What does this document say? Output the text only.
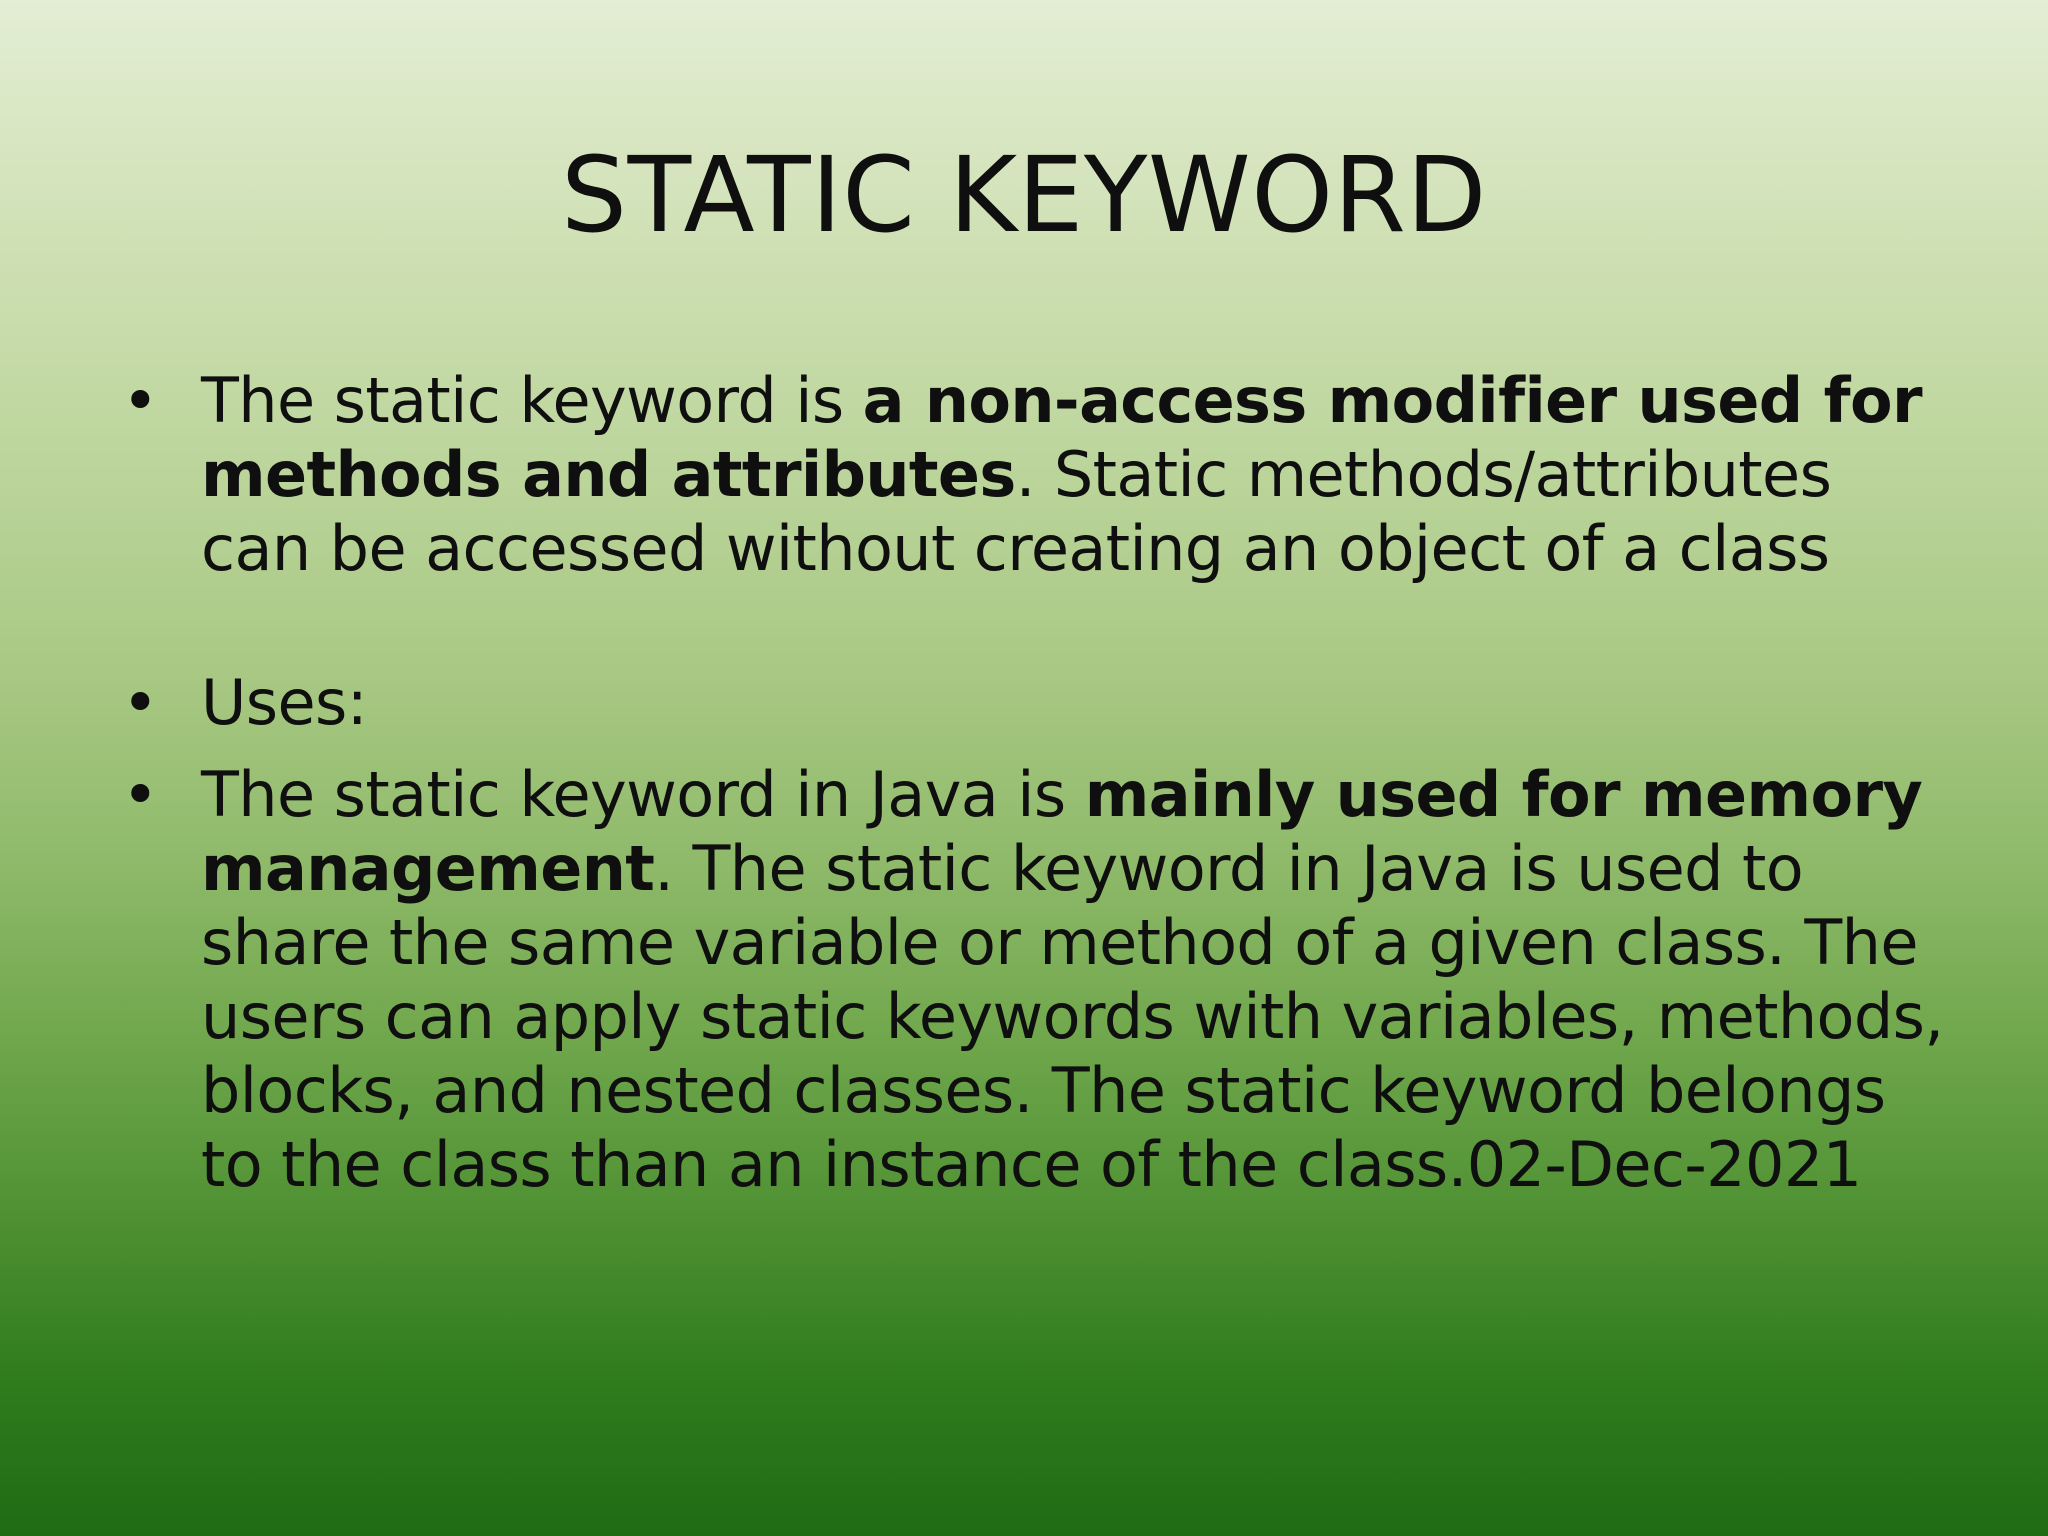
STATIC KEYWORD
• The static keyword is a non-access modifier used for methods and attributes. Static methods/attributes can be accessed without creating an object of a class
• Uses:
• The static keyword in Java is mainly used for memory management. The static keyword in Java is used to share the same variable or method of a given class. The users can apply static keywords with variables, methods, blocks, and nested classes. The static keyword belongs to the class than an instance of the class.02-Dec-2021
